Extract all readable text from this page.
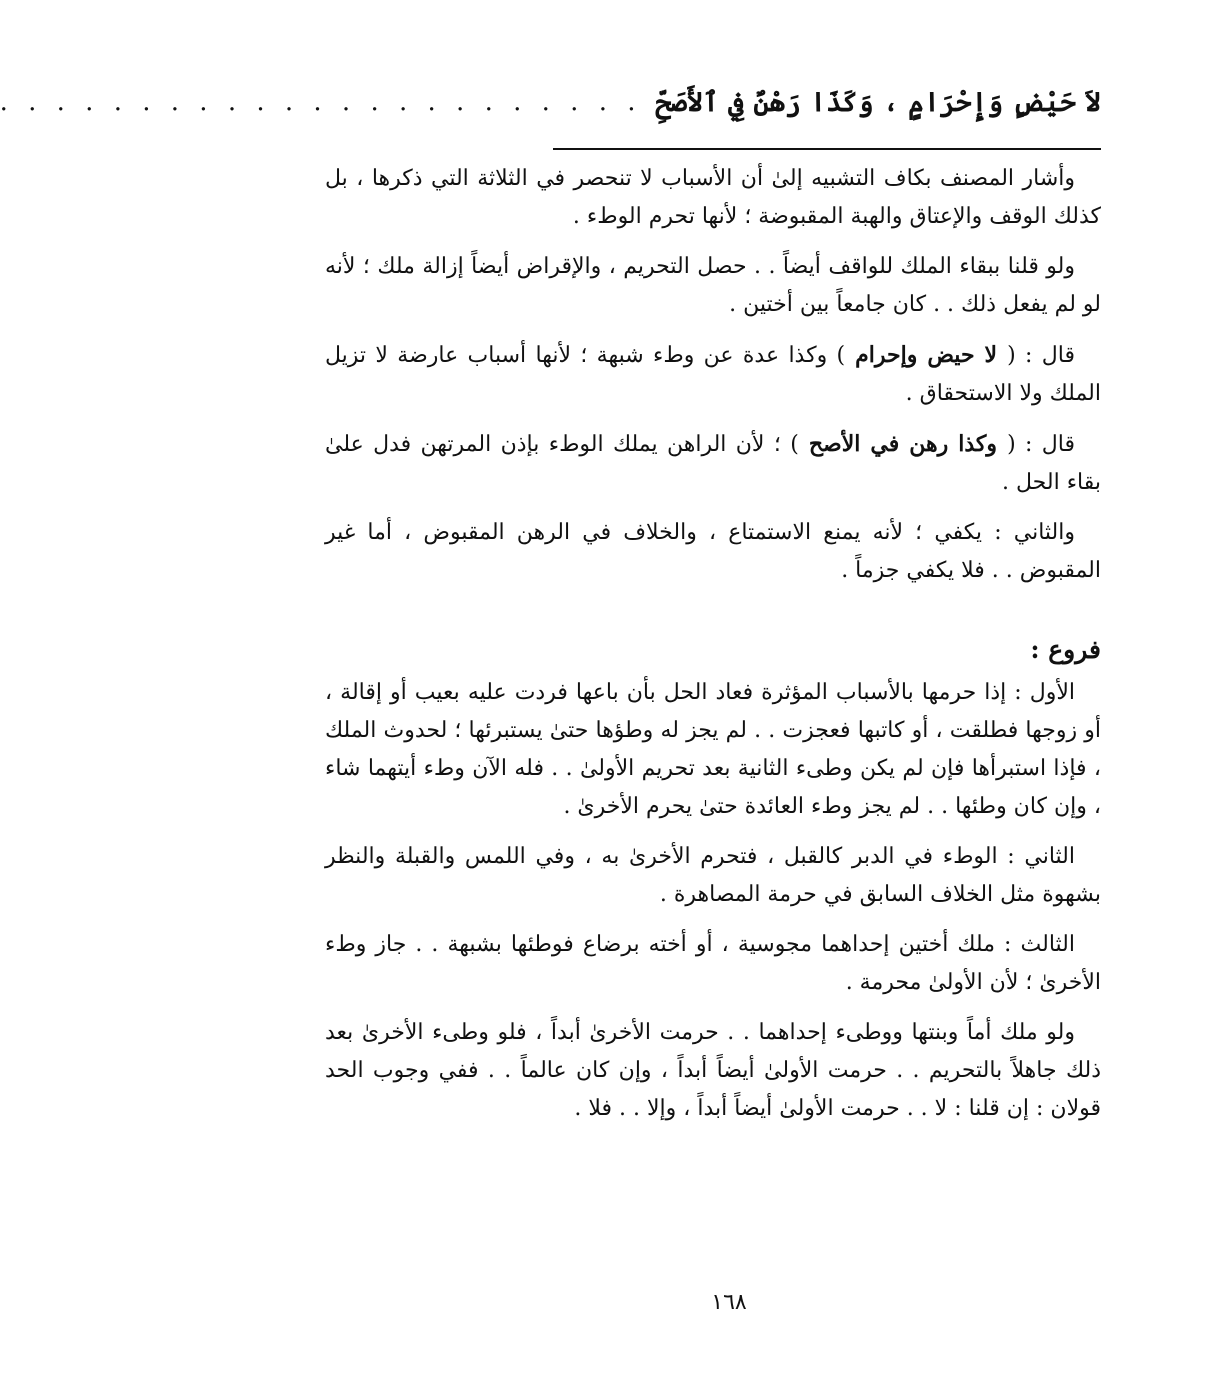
لاَ حَيْضٍ وَإِحْرَامٍ ، وَكَذَا رَهْنٌ فِي ٱلأَصَحِّ
. . . . . . . . . . . . . . . . . . . . . . .

وأشار المصنف بكاف التشبيه إلىٰ أن الأسباب لا تنحصر في الثلاثة التي ذكرها ، بل كذلك الوقف والإعتاق والهبة المقبوضة ؛ لأنها تحرم الوطء .

ولو قلنا ببقاء الملك للواقف أيضاً . . حصل التحريم ، والإقراض أيضاً إزالة ملك ؛ لأنه لو لم يفعل ذلك . . كان جامعاً بين أختين .

قال : ( لا حيض وإحرام ) وكذا عدة عن وطء شبهة ؛ لأنها أسباب عارضة لا تزيل الملك ولا الاستحقاق .

قال : ( وكذا رهن في الأصح ) ؛ لأن الراهن يملك الوطء بإذن المرتهن فدل علىٰ بقاء الحل .

والثاني : يكفي ؛ لأنه يمنع الاستمتاع ، والخلاف في الرهن المقبوض ، أما غير المقبوض . . فلا يكفي جزماً .

فروع :

الأول : إذا حرمها بالأسباب المؤثرة فعاد الحل بأن باعها فردت عليه بعيب أو إقالة ، أو زوجها فطلقت ، أو كاتبها فعجزت . . لم يجز له وطؤها حتىٰ يستبرئها ؛ لحدوث الملك ، فإذا استبرأها فإن لم يكن وطىء الثانية بعد تحريم الأولىٰ . . فله الآن وطء أيتهما شاء ، وإن كان وطئها . . لم يجز وطء العائدة حتىٰ يحرم الأخرىٰ .

الثاني : الوطء في الدبر كالقبل ، فتحرم الأخرىٰ به ، وفي اللمس والقبلة والنظر بشهوة مثل الخلاف السابق في حرمة المصاهرة .

الثالث : ملك أختين إحداهما مجوسية ، أو أخته برضاع فوطئها بشبهة . . جاز وطء الأخرىٰ ؛ لأن الأولىٰ محرمة .

ولو ملك أماً وبنتها ووطىء إحداهما . . حرمت الأخرىٰ أبداً ، فلو وطىء الأخرىٰ بعد ذلك جاهلاً بالتحريم . . حرمت الأولىٰ أيضاً أبداً ، وإن كان عالماً . . ففي وجوب الحد قولان : إن قلنا : لا . . حرمت الأولىٰ أيضاً أبداً ، وإلا . . فلا .

١٦٨
